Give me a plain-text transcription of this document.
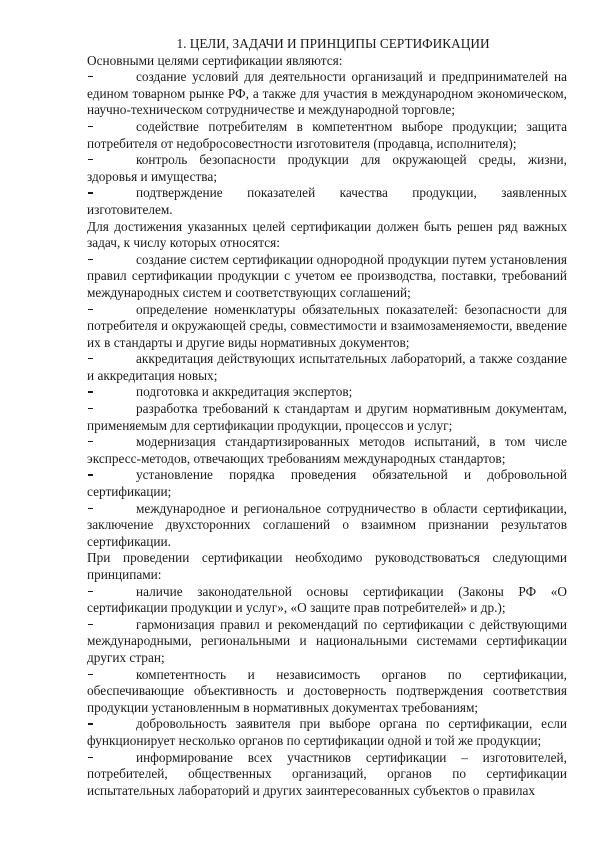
1. ЦЕЛИ, ЗАДАЧИ И ПРИНЦИПЫ СЕРТИФИКАЦИИ

Основными целями сертификации являются:

создание условий для деятельности организаций и предпринимателей на едином товарном рынке РФ, а также для участия в международном экономическом, научно-техническом сотрудничестве и международной торговле;

содействие потребителям в компетентном выборе продукции; защита потребителя от недобросовестности изготовителя (продавца, исполнителя);

контроль безопасности продукции для окружающей среды, жизни, здоровья и имущества;

подтверждение показателей качества продукции, заявленных изготовителем.

Для достижения указанных целей сертификации должен быть решен ряд важных задач, к числу которых относятся:

создание систем сертификации однородной продукции путем установления правил сертификации продукции с учетом ее производства, поставки, требований международных систем и соответствующих соглашений;

определение номенклатуры обязательных показателей: безопасности для потребителя и окружающей среды, совместимости и взаимозаменяемости, введение их в стандарты и другие виды нормативных документов;

аккредитация действующих испытательных лабораторий, а также создание и аккредитация новых;

подготовка и аккредитация экспертов;

разработка требований к стандартам и другим нормативным документам, применяемым для сертификации продукции, процессов и услуг;

модернизация стандартизированных методов испытаний, в том числе экспресс-методов, отвечающих требованиям международных стандартов;

установление порядка проведения обязательной и добровольной сертификации;

международное и региональное сотрудничество в области сертификации, заключение двухсторонних соглашений о взаимном признании результатов сертификации.

При проведении сертификации необходимо руководствоваться следующими принципами:

наличие законодательной основы сертификации (Законы РФ «О сертификации продукции и услуг», «О защите прав потребителей» и др.);

гармонизация правил и рекомендаций по сертификации с действующими международными, региональными и национальными системами сертификации других стран;

компетентность и независимость органов по сертификации, обеспечивающие объективность и достоверность подтверждения соответствия продукции установленным в нормативных документах требованиям;

добровольность заявителя при выборе органа по сертификации, если функционирует несколько органов по сертификации одной и той же продукции;

информирование всех участников сертификации – изготовителей, потребителей, общественных организаций, органов по сертификации испытательных лабораторий и других заинтересованных субъектов о правилах
